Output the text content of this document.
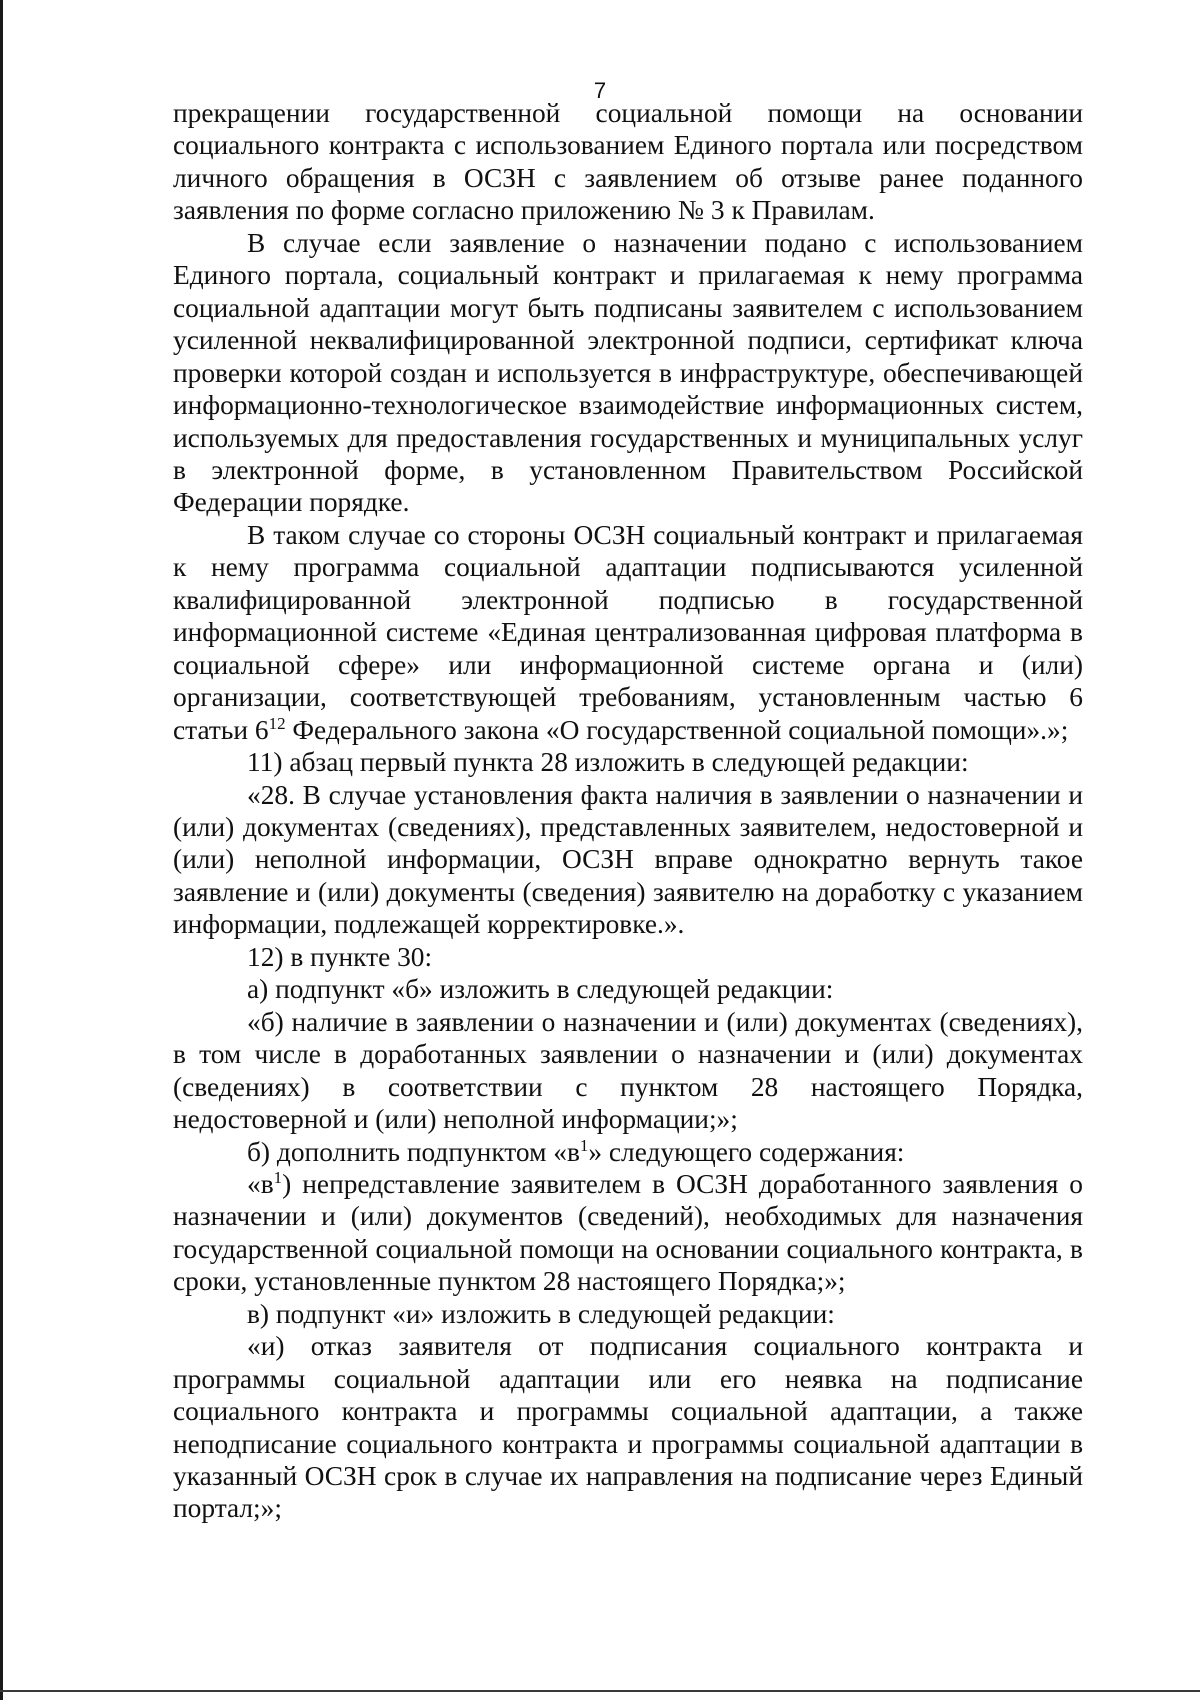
7

прекращении государственной социальной помощи на основании социального контракта с использованием Единого портала или посредством личного обращения в ОСЗН с заявлением об отзыве ранее поданного заявления по форме согласно приложению № 3 к Правилам.

В случае если заявление о назначении подано с использованием Единого портала, социальный контракт и прилагаемая к нему программа социальной адаптации могут быть подписаны заявителем с использованием усиленной неквалифицированной электронной подписи, сертификат ключа проверки которой создан и используется в инфраструктуре, обеспечивающей информационно-технологическое взаимодействие информационных систем, используемых для предоставления государственных и муниципальных услуг в электронной форме, в установленном Правительством Российской Федерации порядке.

В таком случае со стороны ОСЗН социальный контракт и прилагаемая к нему программа социальной адаптации подписываются усиленной квалифицированной электронной подписью в государственной информационной системе «Единая централизованная цифровая платформа в социальной сфере» или информационной системе органа и (или) организации, соответствующей требованиям, установленным частью 6 статьи $6^{12}$ Федерального закона «О государственной социальной помощи».»;

11) абзац первый пункта 28 изложить в следующей редакции:

«28. В случае установления факта наличия в заявлении о назначении и (или) документах (сведениях), представленных заявителем, недостоверной и (или) неполной информации, ОСЗН вправе однократно вернуть такое заявление и (или) документы (сведения) заявителю на доработку с указанием информации, подлежащей корректировке.».

12) в пункте 30:

а) подпункт «б» изложить в следующей редакции:

«б) наличие в заявлении о назначении и (или) документах (сведениях), в том числе в доработанных заявлении о назначении и (или) документах (сведениях) в соответствии с пунктом 28 настоящего Порядка, недостоверной и (или) неполной информации;»;

б) дополнить подпунктом «$в^1$» следующего содержания:

«$в^1$) непредставление заявителем в ОСЗН доработанного заявления о назначении и (или) документов (сведений), необходимых для назначения государственной социальной помощи на основании социального контракта, в сроки, установленные пунктом 28 настоящего Порядка;»;

в) подпункт «и» изложить в следующей редакции:

«и) отказ заявителя от подписания социального контракта и программы социальной адаптации или его неявка на подписание социального контракта и программы социальной адаптации, а также неподписание социального контракта и программы социальной адаптации в указанный ОСЗН срок в случае их направления на подписание через Единый портал;»;
